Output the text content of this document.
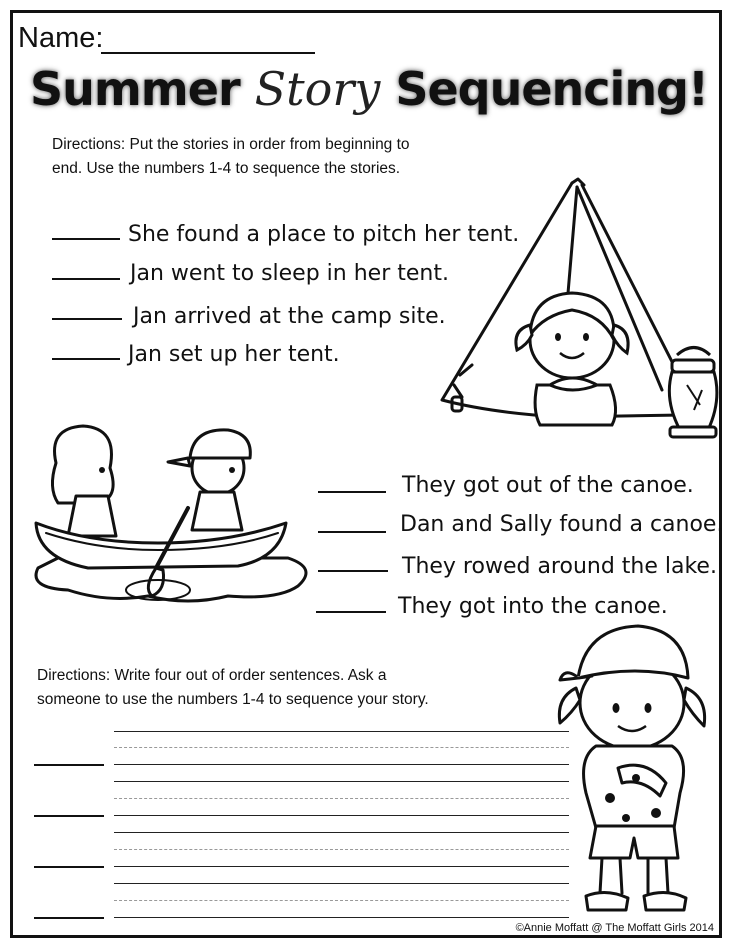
Name:
Summer Story Sequencing!
Directions: Put the stories in order from beginning to
end. Use the numbers 1-4 to sequence the stories.
She found a place to pitch her tent.
Jan went to sleep in her tent.
Jan arrived at the camp site.
Jan set up her tent.
They got out of the canoe.
Dan and Sally found a canoe.
They rowed around the lake.
They got into the canoe.
Directions: Write four out of order sentences. Ask a
someone to use the numbers 1-4 to sequence your story.
©Annie Moffatt @ The Moffatt Girls 2014
